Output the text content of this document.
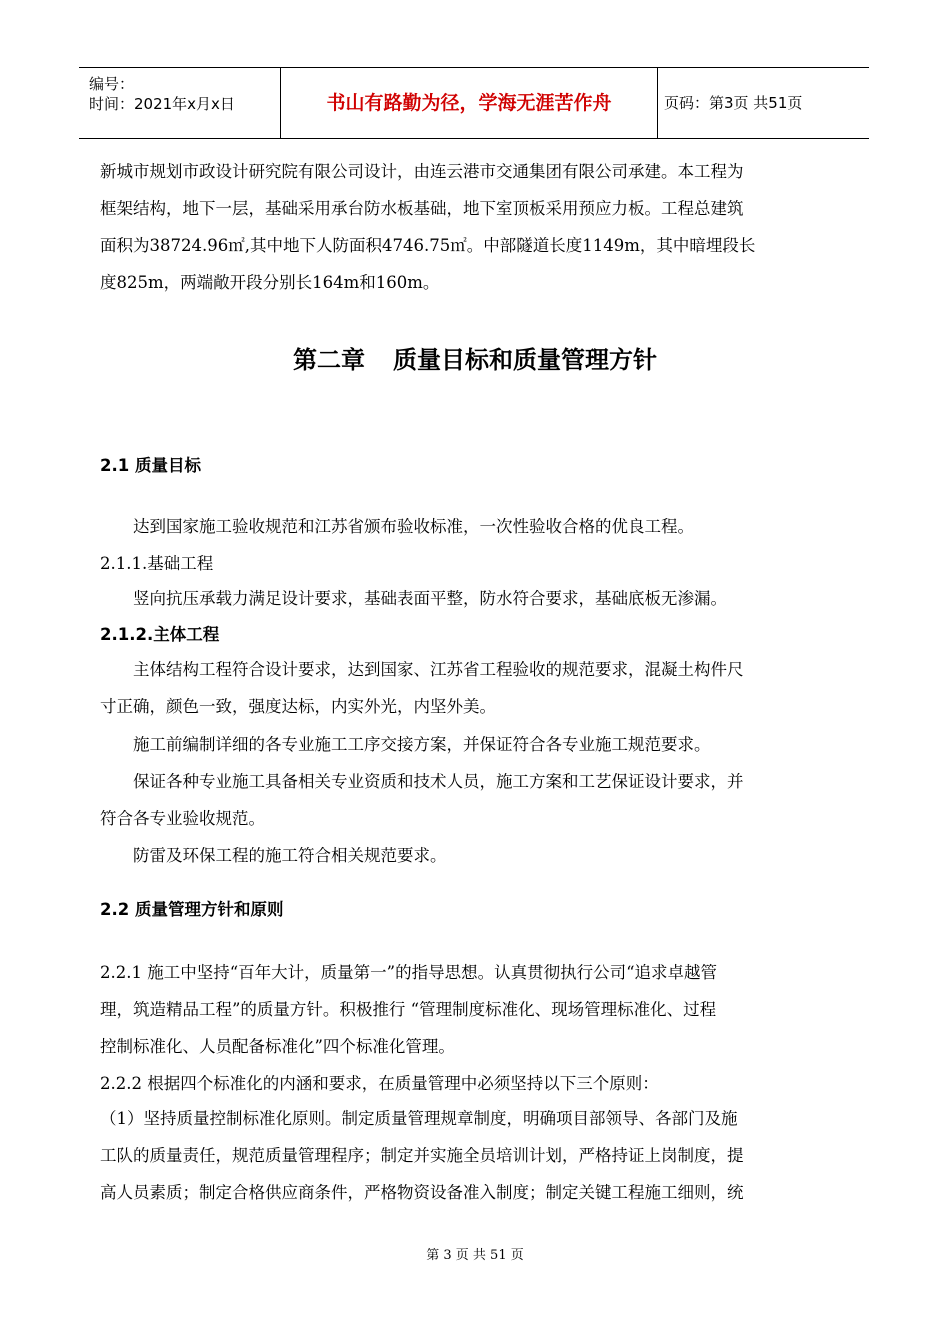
编号：
时间：2021年x月x日	书山有路勤为径，学海无涯苦作舟	页码：第3页 共51页

新城市规划市政设计研究院有限公司设计，由连云港市交通集团有限公司承建。本工程为

框架结构，地下一层，基础采用承台防水板基础，地下室顶板采用预应力板。工程总建筑

面积为38724.96㎡,其中地下人防面积4746.75㎡。中部隧道长度1149m，其中暗埋段长

度825m，两端敞开段分别长164m和160m。

第二章 质量目标和质量管理方针

2.1 质量目标

达到国家施工验收规范和江苏省颁布验收标准，一次性验收合格的优良工程。

2.1.1.基础工程

竖向抗压承载力满足设计要求，基础表面平整，防水符合要求，基础底板无渗漏。

2.1.2.主体工程

主体结构工程符合设计要求，达到国家、江苏省工程验收的规范要求，混凝土构件尺

寸正确，颜色一致，强度达标，内实外光，内坚外美。

施工前编制详细的各专业施工工序交接方案，并保证符合各专业施工规范要求。

保证各种专业施工具备相关专业资质和技术人员，施工方案和工艺保证设计要求，并

符合各专业验收规范。

防雷及环保工程的施工符合相关规范要求。

2.2 质量管理方针和原则

2.2.1 施工中坚持“百年大计，质量第一”的指导思想。认真贯彻执行公司“追求卓越管

理，筑造精品工程”的质量方针。积极推行 “管理制度标准化、现场管理标准化、过程

控制标准化、人员配备标准化”四个标准化管理。

2.2.2 根据四个标准化的内涵和要求，在质量管理中必须坚持以下三个原则：

（1）坚持质量控制标准化原则。制定质量管理规章制度，明确项目部领导、各部门及施

工队的质量责任，规范质量管理程序；制定并实施全员培训计划，严格持证上岗制度，提

高人员素质；制定合格供应商条件，严格物资设备准入制度；制定关键工程施工细则，统

第 3 页 共 51 页
